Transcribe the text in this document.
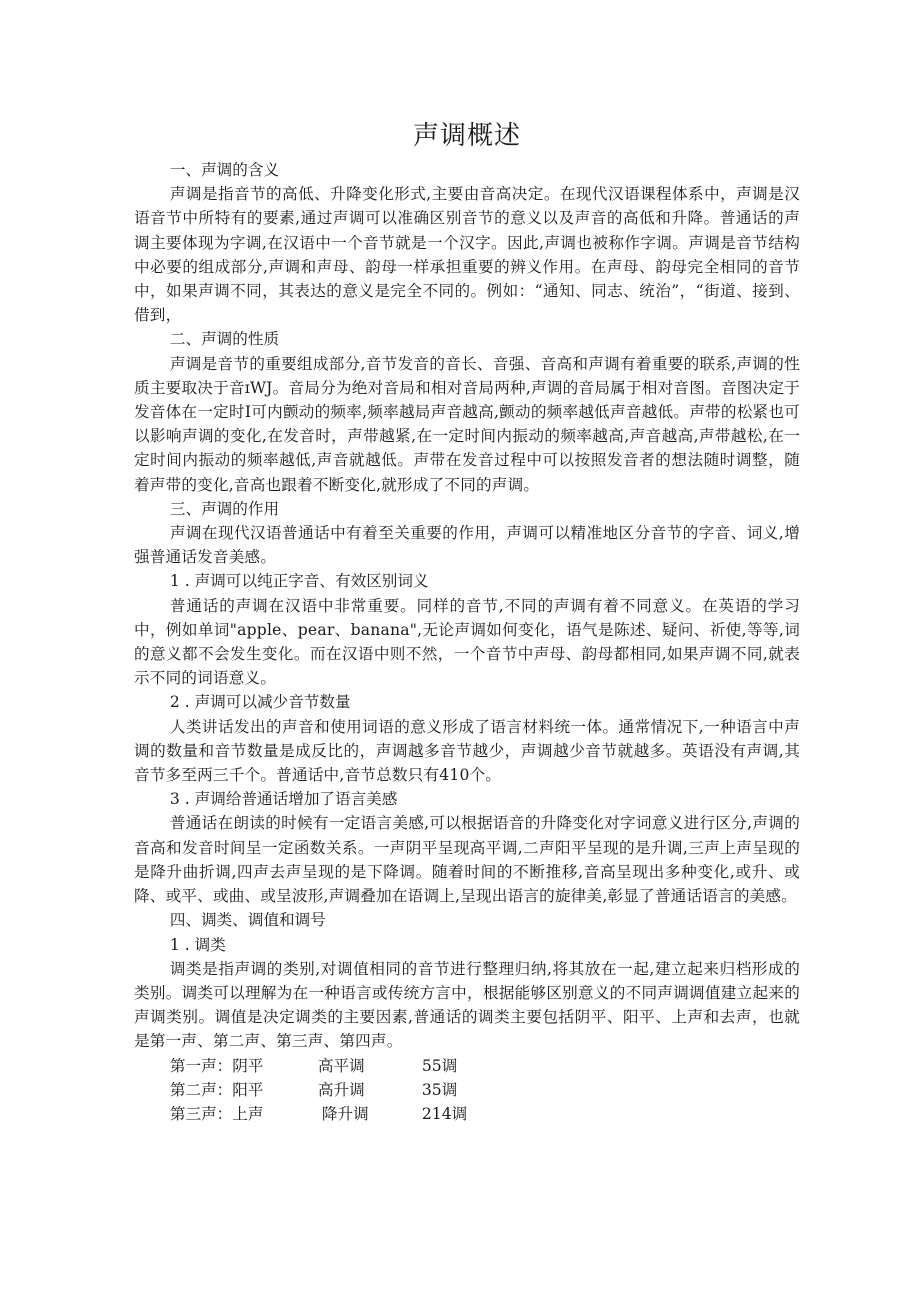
声调概述
一、声调的含义

声调是指音节的高低、升降变化形式,主要由音高决定。在现代汉语课程体系中，声调是汉语音节中所特有的要素,通过声调可以准确区别音节的意义以及声音的高低和升降。普通话的声调主要体现为字调,在汉语中一个音节就是一个汉字。因此,声调也被称作字调。声调是音节结构中必要的组成部分,声调和声母、韵母一样承担重要的辨义作用。在声母、韵母完全相同的音节中，如果声调不同，其表达的意义是完全不同的。例如：“通知、同志、统治”，“街道、接到、借到，

二、声调的性质

声调是音节的重要组成部分,音节发音的音长、音强、音高和声调有着重要的联系,声调的性质主要取决于音ɪWJ。音局分为绝对音局和相对音局两种,声调的音局属于相对音图。音图决定于发音体在一定时I可内颤动的频率,频率越局声音越高,颤动的频率越低声音越低。声带的松紧也可以影响声调的变化,在发音时，声带越紧,在一定时间内振动的频率越高,声音越高,声带越松,在一定时间内振动的频率越低,声音就越低。声带在发音过程中可以按照发音者的想法随时调整，随着声带的变化,音高也跟着不断变化,就形成了不同的声调。

三、声调的作用

声调在现代汉语普通话中有着至关重要的作用，声调可以精准地区分音节的字音、词义,增强普通话发音美感。

1 . 声调可以纯正字音、有效区别词义

普通话的声调在汉语中非常重要。同样的音节,不同的声调有着不同意义。在英语的学习中，例如单词"apple、pear、banana",无论声调如何变化，语气是陈述、疑问、祈使,等等,词的意义都不会发生变化。而在汉语中则不然，一个音节中声母、韵母都相同,如果声调不同,就表示不同的词语意义。

2 . 声调可以减少音节数量

人类讲话发出的声音和使用词语的意义形成了语言材料统一体。通常情况下,一种语言中声调的数量和音节数量是成反比的，声调越多音节越少，声调越少音节就越多。英语没有声调,其音节多至两三千个。普通话中,音节总数只有410个。

3 . 声调给普通话增加了语言美感

普通话在朗读的时候有一定语言美感,可以根据语音的升降变化对字词意义进行区分,声调的音高和发音时间呈一定函数关系。一声阴平呈现高平调,二声阳平呈现的是升调,三声上声呈现的是降升曲折调,四声去声呈现的是下降调。随着时间的不断推移,音高呈现出多种变化,或升、或降、或平、或曲、或呈波形,声调叠加在语调上,呈现出语言的旋律美,彰显了普通话语言的美感。

四、调类、调值和调号
1 . 调类

调类是指声调的类别,对调值相同的音节进行整理归纳,将其放在一起,建立起来归档形成的类别。调类可以理解为在一种语言或传统方言中，根据能够区别意义的不同声调调值建立起来的声调类别。调值是决定调类的主要因素,普通话的调类主要包括阴平、阳平、上声和去声，也就是第一声、第二声、第三声、第四声。

第一声：阴平	高平调	55调
第二声：阳平	高升调	35调
第三声：上声	降升调	214调
